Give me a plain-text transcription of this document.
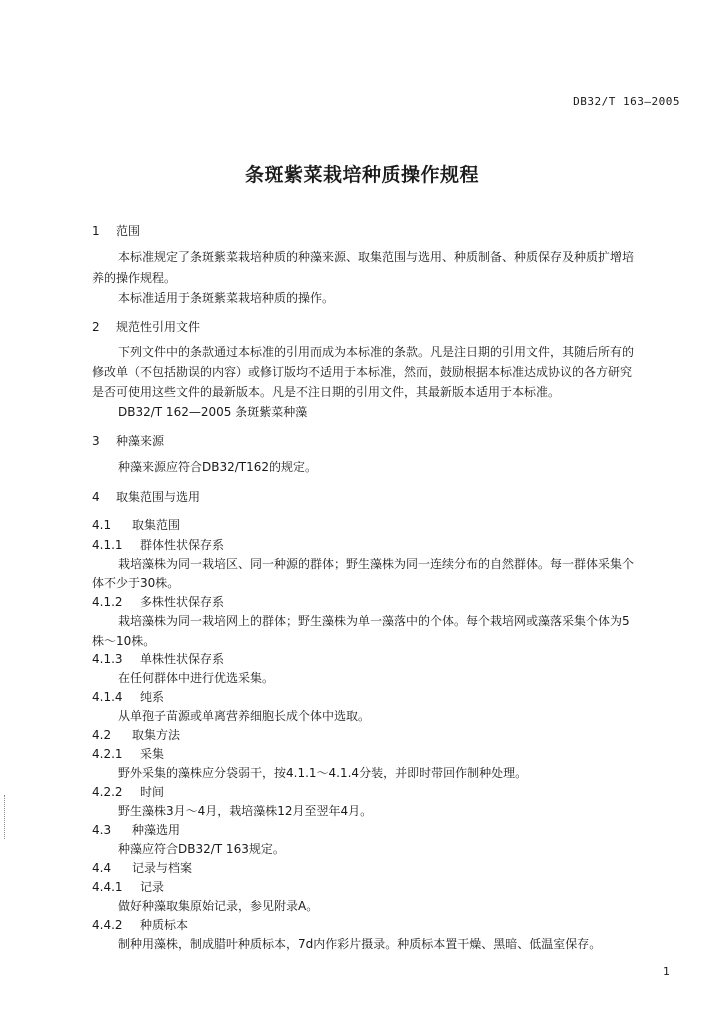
DB32/T 163—2005
条斑紫菜栽培种质操作规程
1 范围
本标准规定了条斑紫菜栽培种质的种藻来源、取集范围与选用、种质制备、种质保存及种质扩增培
养的操作规程。
本标准适用于条斑紫菜栽培种质的操作。
2 规范性引用文件
下列文件中的条款通过本标准的引用而成为本标准的条款。凡是注日期的引用文件，其随后所有的
修改单（不包括勘误的内容）或修订版均不适用于本标准，然而，鼓励根据本标准达成协议的各方研究
是否可使用这些文件的最新版本。凡是不注日期的引用文件，其最新版本适用于本标准。
DB32/T 162—2005 条斑紫菜种藻
3 种藻来源
种藻来源应符合DB32/T162的规定。
4 取集范围与选用
4.1 取集范围
4.1.1 群体性状保存系
栽培藻株为同一栽培区、同一种源的群体；野生藻株为同一连续分布的自然群体。每一群体采集个
体不少于30株。
4.1.2 多株性状保存系
栽培藻株为同一栽培网上的群体；野生藻株为单一藻落中的个体。每个栽培网或藻落采集个体为5
株～10株。
4.1.3 单株性状保存系
在任何群体中进行优选采集。
4.1.4 纯系
从单孢子苗源或单离营养细胞长成个体中选取。
4.2 取集方法
4.2.1 采集
野外采集的藻株应分袋弱干，按4.1.1～4.1.4分装，并即时带回作制种处理。
4.2.2 时间
野生藻株3月～4月，栽培藻株12月至翌年4月。
4.3 种藻选用
种藻应符合DB32/T 163规定。
4.4 记录与档案
4.4.1 记录
做好种藻取集原始记录，参见附录A。
4.4.2 种质标本
制种用藻株，制成腊叶种质标本，7d内作彩片摄录。种质标本置干燥、黑暗、低温室保存。
1
